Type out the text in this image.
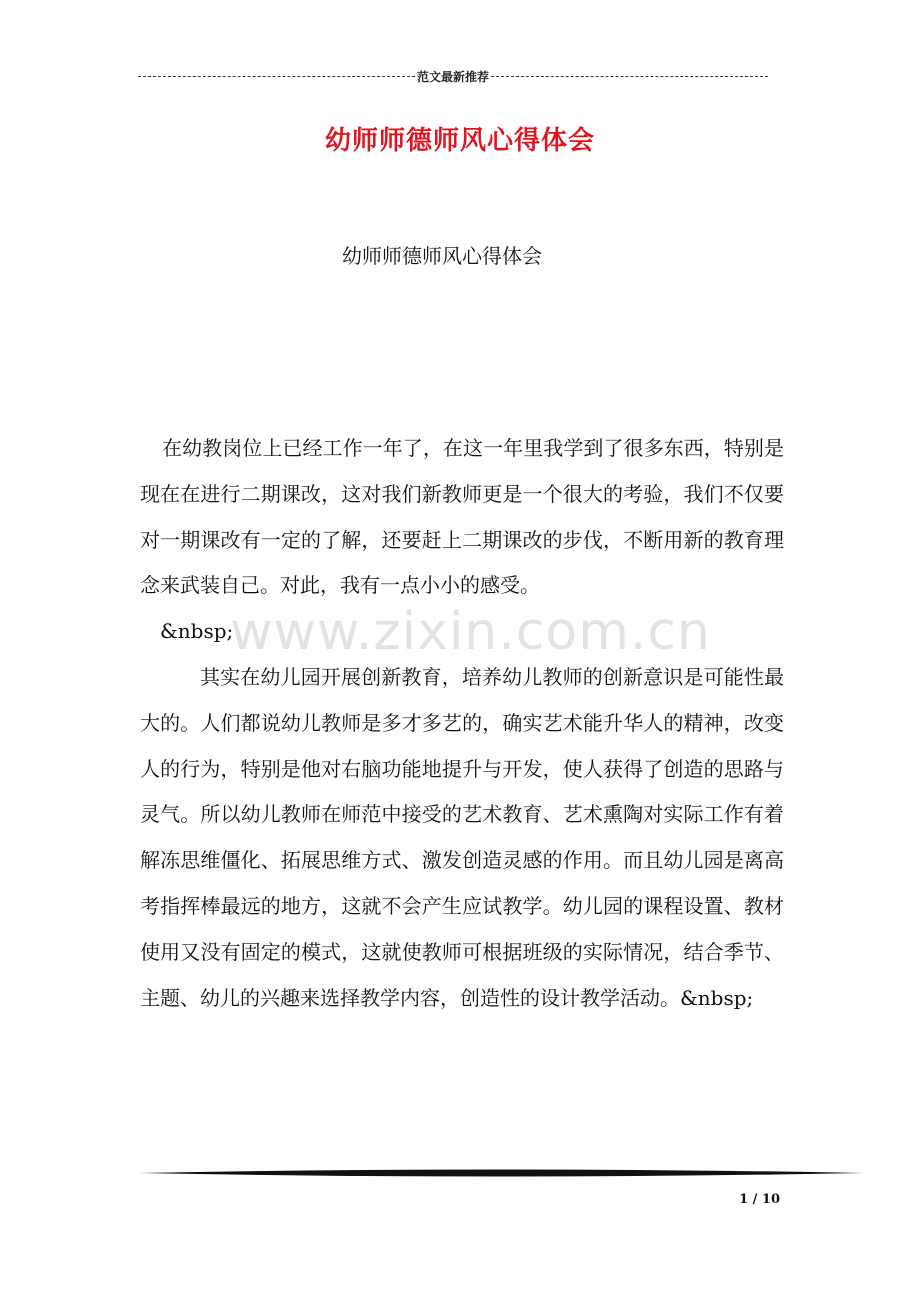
范文最新推荐
幼师师德师风心得体会
幼师师德师风心得体会

在幼教岗位上已经工作一年了，在这一年里我学到了很多东西，特别是现在在进行二期课改，这对我们新教师更是一个很大的考验，我们不仅要对一期课改有一定的了解，还要赶上二期课改的步伐，不断用新的教育理念来武装自己。对此，我有一点小小的感受。

&nbsp;

其实在幼儿园开展创新教育，培养幼儿教师的创新意识是可能性最大的。人们都说幼儿教师是多才多艺的，确实艺术能升华人的精神，改变人的行为，特别是他对右脑功能地提升与开发，使人获得了创造的思路与灵气。所以幼儿教师在师范中接受的艺术教育、艺术熏陶对实际工作有着解冻思维僵化、拓展思维方式、激发创造灵感的作用。而且幼儿园是离高考指挥棒最远的地方，这就不会产生应试教学。幼儿园的课程设置、教材使用又没有固定的模式，这就使教师可根据班级的实际情况，结合季节、主题、幼儿的兴趣来选择教学内容，创造性的设计教学活动。&nbsp;

www.zixin.com.cn
1 / 10
